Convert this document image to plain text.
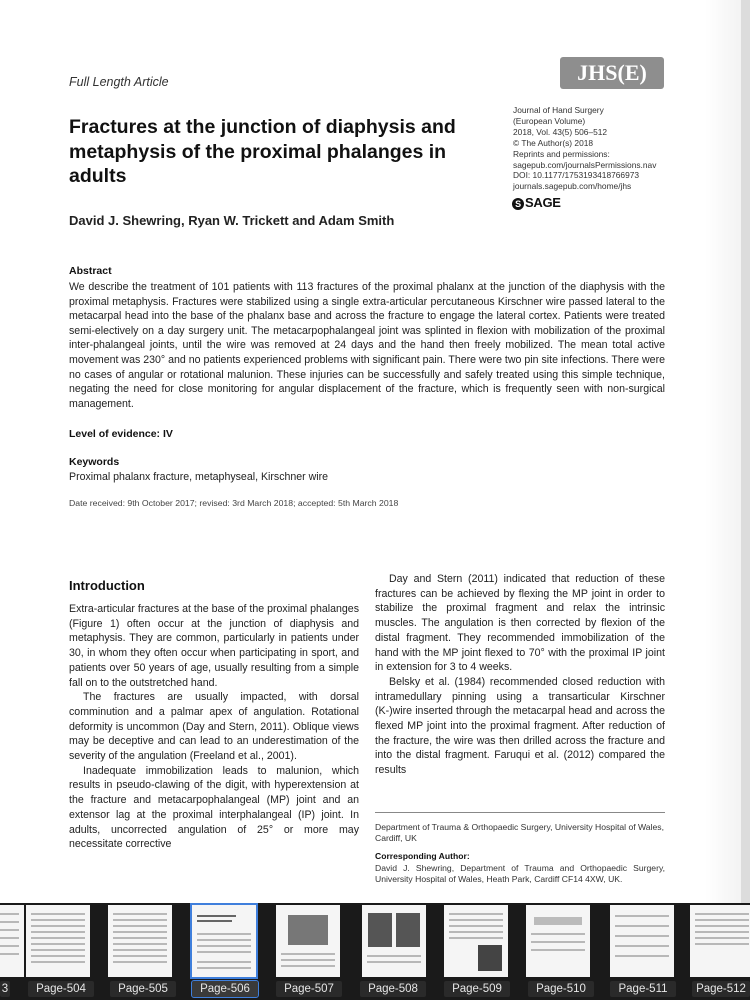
Full Length Article	JHS(E)
Fractures at the junction of diaphysis and metaphysis of the proximal phalanges in adults
Journal of Hand Surgery
(European Volume)
2018, Vol. 43(5) 506–512
© The Author(s) 2018
Reprints and permissions:
sagepub.com/journalsPermissions.nav
DOI: 10.1177/1753193418766973
journals.sagepub.com/home/jhs
S SAGE
David J. Shewring, Ryan W. Trickett and Adam Smith
Abstract
We describe the treatment of 101 patients with 113 fractures of the proximal phalanx at the junction of the diaphysis with the proximal metaphysis. Fractures were stabilized using a single extra-articular percutaneous Kirschner wire passed lateral to the metacarpal head into the base of the phalanx base and across the fracture to engage the lateral cortex. Patients were treated semi-electively on a day surgery unit. The metacarpophalangeal joint was splinted in flexion with mobilization of the proximal inter-phalangeal joints, until the wire was removed at 24 days and the hand then freely mobilized. The mean total active movement was 230° and no patients experienced problems with significant pain. There were two pin site infections. There were no cases of angular or rotational malunion. These injuries can be successfully and safely treated using this simple technique, negating the need for close monitoring for angular displacement of the fracture, which is frequently seen with non-surgical management.
Level of evidence: IV
Keywords
Proximal phalanx fracture, metaphyseal, Kirschner wire
Date received: 9th October 2017; revised: 3rd March 2018; accepted: 5th March 2018
Introduction

Extra-articular fractures at the base of the proximal phalanges (Figure 1) often occur at the junction of diaphysis and metaphysis. They are common, particularly in patients under 30, in whom they often occur when participating in sport, and patients over 50 years of age, usually resulting from a simple fall on to the outstretched hand.

The fractures are usually impacted, with dorsal comminution and a palmar apex of angulation. Rotational deformity is uncommon (Day and Stern, 2011). Oblique views may be deceptive and can lead to an underestimation of the severity of the angulation (Freeland et al., 2001).

Inadequate immobilization leads to malunion, which results in pseudo-clawing of the digit, with hyperextension at the fracture and metacarpophalangeal (MP) joint and an extensor lag at the proximal interphalangeal (IP) joint. In adults, uncorrected angulation of 25° or more may necessitate corrective

Day and Stern (2011) indicated that reduction of these fractures can be achieved by flexing the MP joint in order to stabilize the proximal fragment and relax the intrinsic muscles. The angulation is then corrected by flexion of the distal fragment. They recommended immobilization of the hand with the MP joint flexed to 70° with the proximal IP joint in extension for 3 to 4 weeks.

Belsky et al. (1984) recommended closed reduction with intramedullary pinning using a transarticular Kirschner (K-)wire inserted through the metacarpal head and across the flexed MP joint into the proximal fragment. After reduction of the fracture, the wire was then drilled across the fracture and into the distal fragment. Faruqui et al. (2012) compared the results

Department of Trauma & Orthopaedic Surgery, University Hospital of Wales, Cardiff, UK
Corresponding Author:
David J. Shewring, Department of Trauma and Orthopaedic Surgery, University Hospital of Wales, Heath Park, Cardiff CF14 4XW, UK.
3	Page-504	Page-505	Page-506	Page-507	Page-508	Page-509	Page-510	Page-511	Page-512
